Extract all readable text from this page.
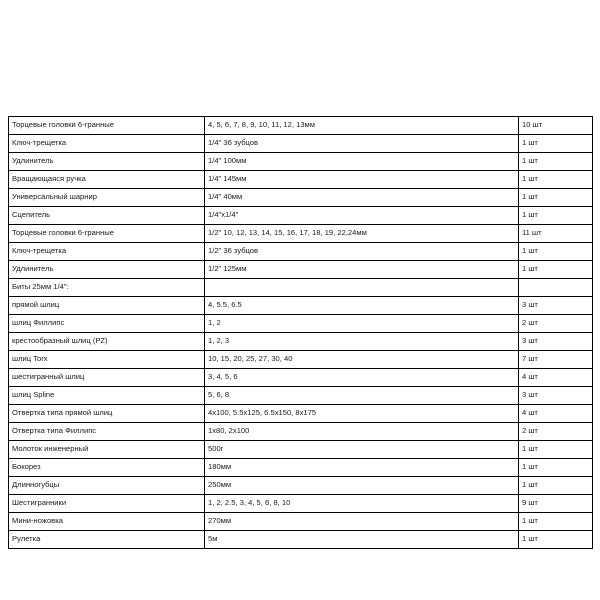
Торцевые головки 6-гранные	4, 5, 6, 7, 8, 9, 10, 11, 12, 13мм	10 шт
Ключ-трещетка	1/4" 36 зубцов	1 шт
Удлинитель	1/4" 100мм	1 шт
Вращающаяся ручка	1/4" 145мм	1 шт
Универсальный шарнир	1/4" 40мм	1 шт
Сцепитель	1/4"х1/4"	1 шт
Торцевые головки 6-гранные	1/2" 10, 12, 13, 14, 15, 16, 17, 18, 19, 22,24мм	11 шт
Ключ-трещетка	1/2" 36 зубцов	1 шт
Удлинитель	1/2" 125мм	1 шт
Биты 25мм 1/4":		
прямой шлиц	4, 5.5, 6.5	3 шт
шлиц Филлипс	1, 2	2 шт
крестообразный шлиц (PZ)	1, 2, 3	3 шт
шлиц Torx	10, 15, 20, 25, 27, 30, 40	7 шт
шестигранный шлиц	3, 4, 5, 6	4 шт
шлиц Spline	5, 6, 8	3 шт
Отвертка типа прямой шлиц	4х100, 5.5х125, 6.5х150, 8х175	4 шт
Отвертка типа Филлипс	1х80, 2х100	2 шт
Молоток инженерный	500г	1 шт
Бокорез	180мм	1 шт
Длинногубцы	250мм	1 шт
Шестигранники	1, 2, 2.5, 3, 4, 5, 6, 8, 10	9 шт
Мини-ножовка	270мм	1 шт
Рулетка	5м	1 шт
